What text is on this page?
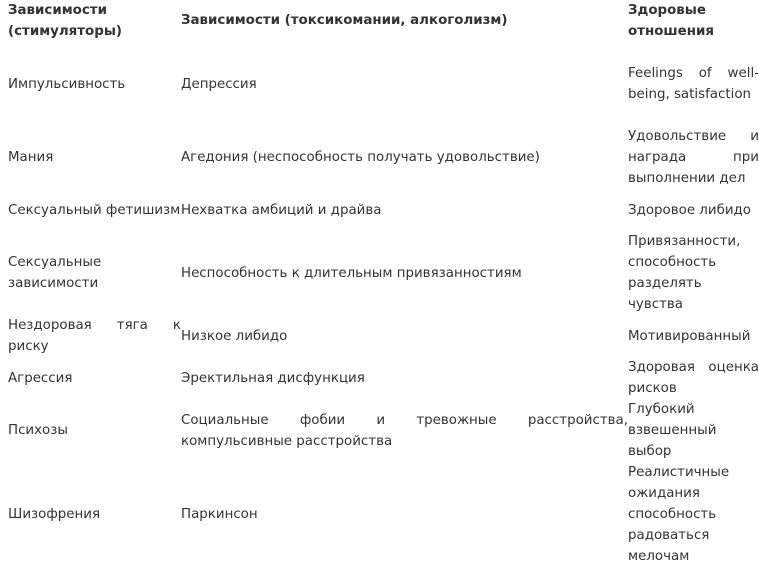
Зависимости (стимуляторы)	Зависимости (токсикомании, алкоголизм)	Здоровые отношения
Импульсивность	Депрессия	Feelings of well-being, satisfaction
Мания	Агедония (неспособность получать удовольствие)	Удовольствие и награда при выполнении дел
Сексуальный фетишизм	Нехватка амбиций и драйва	Здоровое либидо
Сексуальные зависимости	Неспособность к длительным привязанностиям	Привязанности, способность разделять чувства
Нездоровая тяга к риску	Низкое либидо	Мотивированный
Агрессия	Эректильная дисфункция	Здоровая оценка рисков
Психозы	Социальные фобии и тревожные расстройства, компульсивные расстройства	Глубокий взвешенный выбор
Шизофрения	Паркинсон	Реалистичные ожидания способность радоваться мелочам
